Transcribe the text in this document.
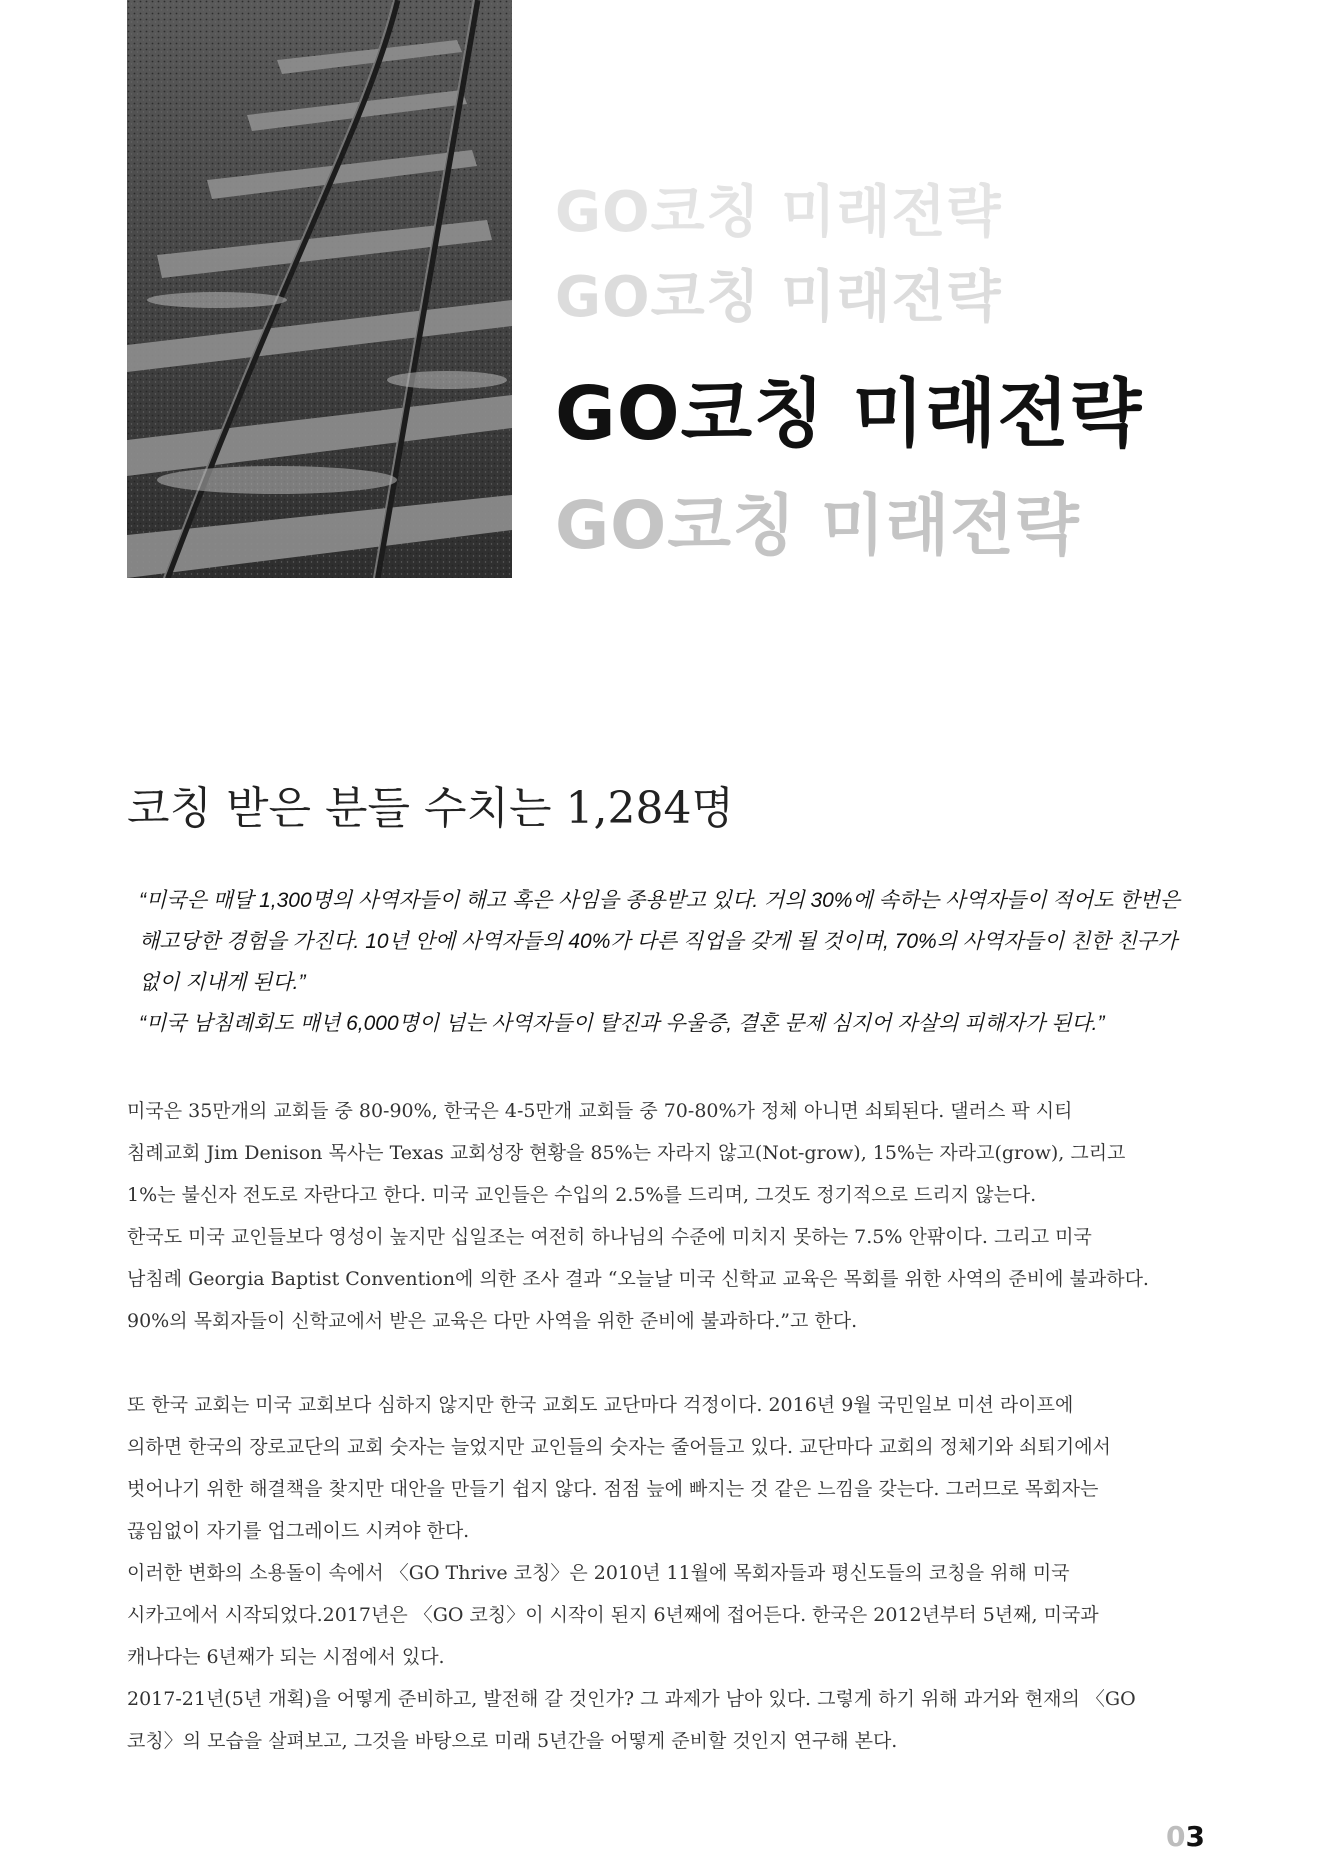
GO코칭 미래전략
GO코칭 미래전략
GO코칭 미래전략
GO코칭 미래전략
코칭 받은 분들 수치는 1,284명

“미국은 매달 1,300명의 사역자들이 해고 혹은 사임을 종용받고 있다. 거의 30%에 속하는 사역자들이 적어도 한번은
해고당한 경험을 가진다. 10년 안에 사역자들의 40%가 다른 직업을 갖게 될 것이며, 70%의 사역자들이 친한 친구가
없이 지내게 된다.”

“미국 남침례회도 매년 6,000명이 넘는 사역자들이 탈진과 우울증, 결혼 문제 심지어 자살의 피해자가 된다.”

미국은 35만개의 교회들 중 80-90%, 한국은 4-5만개 교회들 중 70-80%가 정체 아니면 쇠퇴된다. 댈러스 팍 시티
침례교회 Jim Denison 목사는 Texas 교회성장 현황을 85%는 자라지 않고(Not-grow), 15%는 자라고(grow), 그리고
1%는 불신자 전도로 자란다고 한다. 미국 교인들은 수입의 2.5%를 드리며, 그것도 정기적으로 드리지 않는다.
한국도 미국 교인들보다 영성이 높지만 십일조는 여전히 하나님의 수준에 미치지 못하는 7.5% 안팎이다. 그리고 미국
남침례 Georgia Baptist Convention에 의한 조사 결과 “오늘날 미국 신학교 교육은 목회를 위한 사역의 준비에 불과하다.
90%의 목회자들이 신학교에서 받은 교육은 다만 사역을 위한 준비에 불과하다.”고 한다.

또 한국 교회는 미국 교회보다 심하지 않지만 한국 교회도 교단마다 걱정이다. 2016년 9월 국민일보 미션 라이프에
의하면 한국의 장로교단의 교회 숫자는 늘었지만 교인들의 숫자는 줄어들고 있다. 교단마다 교회의 정체기와 쇠퇴기에서
벗어나기 위한 해결책을 찾지만 대안을 만들기 쉽지 않다. 점점 늪에 빠지는 것 같은 느낌을 갖는다. 그러므로 목회자는
끊임없이 자기를 업그레이드 시켜야 한다.
이러한 변화의 소용돌이 속에서 〈GO Thrive 코칭〉은 2010년 11월에 목회자들과 평신도들의 코칭을 위해 미국
시카고에서 시작되었다.2017년은 〈GO 코칭〉이 시작이 된지 6년째에 접어든다. 한국은 2012년부터 5년째, 미국과
캐나다는 6년째가 되는 시점에서 있다.
2017-21년(5년 개획)을 어떻게 준비하고, 발전해 갈 것인가? 그 과제가 남아 있다. 그렇게 하기 위해 과거와 현재의 〈GO
코칭〉의 모습을 살펴보고, 그것을 바탕으로 미래 5년간을 어떻게 준비할 것인지 연구해 본다.

03
